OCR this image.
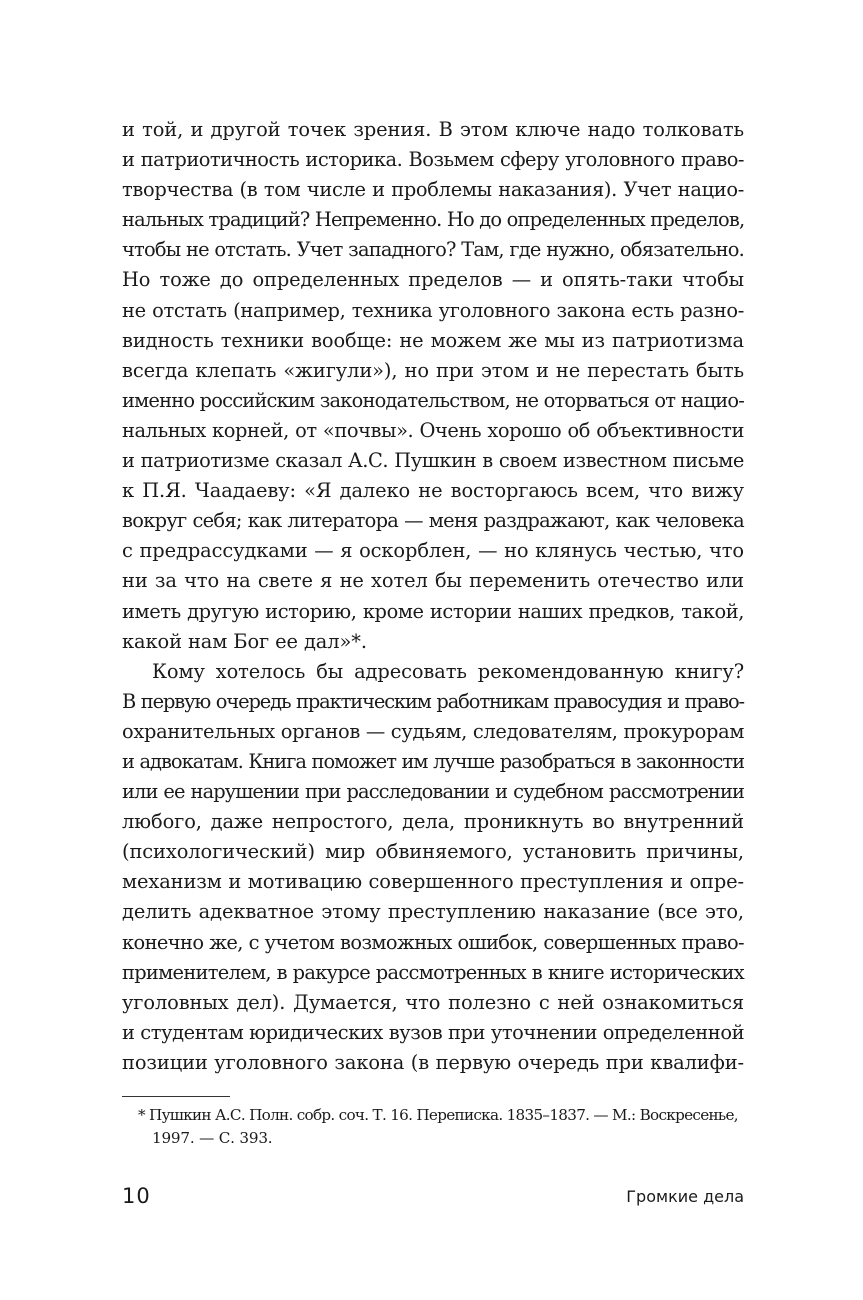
и той, и другой точек зрения. В этом ключе надо толковать
и патриотичность историка. Возьмем сферу уголовного право-
творчества (в том числе и проблемы наказания). Учет нацио-
нальных традиций? Непременно. Но до определенных пределов,
чтобы не отстать. Учет западного? Там, где нужно, обязательно.
Но тоже до определенных пределов — и опять-таки чтобы
не отстать (например, техника уголовного закона есть разно-
видность техники вообще: не можем же мы из патриотизма
всегда клепать «жигули»), но при этом и не перестать быть
именно российским законодательством, не оторваться от нацио-
нальных корней, от «почвы». Очень хорошо об объективности
и патриотизме сказал А.С. Пушкин в своем известном письме
к П.Я. Чаадаеву: «Я далеко не восторгаюсь всем, что вижу
вокруг себя; как литератора — меня раздражают, как человека
с предрассудками — я оскорблен, — но клянусь честью, что
ни за что на свете я не хотел бы переменить отечество или
иметь другую историю, кроме истории наших предков, такой,
какой нам Бог ее дал»*.
Кому хотелось бы адресовать рекомендованную книгу?
В первую очередь практическим работникам правосудия и право-
охранительных органов — судьям, следователям, прокурорам
и адвокатам. Книга поможет им лучше разобраться в законности
или ее нарушении при расследовании и судебном рассмотрении
любого, даже непростого, дела, проникнуть во внутренний
(психологический) мир обвиняемого, установить причины,
механизм и мотивацию совершенного преступления и опре-
делить адекватное этому преступлению наказание (все это,
конечно же, с учетом возможных ошибок, совершенных право-
применителем, в ракурсе рассмотренных в книге исторических
уголовных дел). Думается, что полезно с ней ознакомиться
и студентам юридических вузов при уточнении определенной
позиции уголовного закона (в первую очередь при квалифи-
* Пушкин А.С. Полн. собр. соч. Т. 16. Переписка. 1835–1837. — М.: Воскресенье,
1997. — С. 393.
10	Громкие дела
